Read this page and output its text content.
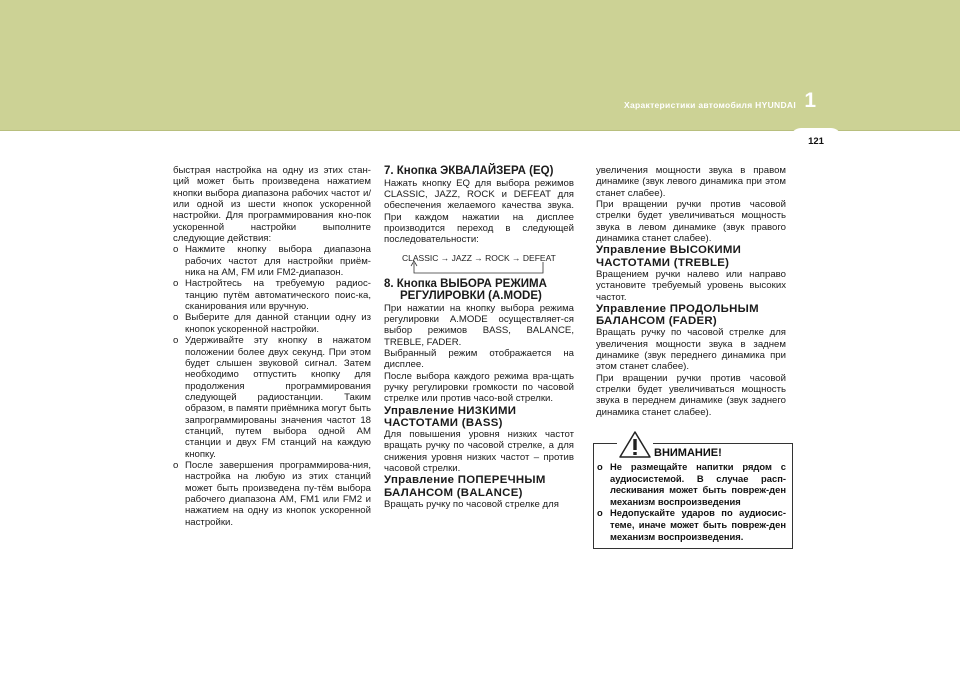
Характеристики автомобиля HYUNDAI 1
121

быстрая настройка на одну из этих стан-ций может быть произведена нажатием кнопки выбора диапазона рабочих частот и/или одной из шести кнопок ускоренной настройки. Для программирования кно-пок ускоренной настройки выполните следующие действия:

o Нажмите кнопку выбора диапазона рабочих частот для настройки приём-ника на AM, FM или FM2-диапазон.
o Настройтесь на требуемую радиос-танцию путём автоматического поис-ка, сканирования или вручную.
o Выберите для данной станции одну из кнопок ускоренной настройки.
o Удерживайте эту кнопку в нажатом положении более двух секунд. При этом будет слышен звуковой сигнал. Затем необходимо отпустить кнопку для продолжения программирования следующей радиостанции. Таким образом, в памяти приёмника могут быть запрограммированы значения частот 18 станций, путем выбора одной AM станции и двух FM станций на каждую кнопку.
o После завершения программирова-ния, настройка на любую из этих станций может быть произведена пу-тём выбора рабочего диапазона AM, FM1 или FM2 и нажатием на одну из кнопок ускоренной настройки.

7. Кнопка ЭКВАЛАЙЗЕРА (EQ)

Нажать кнопку EQ для выбора режимов CLASSIC, JAZZ, ROCK и DEFEAT для обеспечения желаемого качества звука. При каждом нажатии на дисплее производится переход в следующей последовательности:

CLASSIC → JAZZ → ROCK → DEFEAT

8. Кнопка ВЫБОРА РЕЖИМА

РЕГУЛИРОВКИ (A.MODE)

При нажатии на кнопку выбора режима регулировки A.MODE осуществляет-ся выбор режимов BASS, BALANCE, TREBLE, FADER.

Выбранный режим отображается на дисплее.

После выбора каждого режима вра-щать ручку регулировки громкости по часовой стрелке или против часо-вой стрелки.

Управление НИЗКИМИ

ЧАСТОТАМИ (BASS)

Для повышения уровня низких частот вращать ручку по часовой стрелке, а для снижения уровня низких частот – против часовой стрелки.

Управление ПОПЕРЕЧНЫМ

БАЛАНСОМ (BALANCE)

Вращать ручку по часовой стрелке для

увеличения мощности звука в правом динамике (звук левого динамика при этом станет слабее).

При вращении ручки против часовой стрелки будет увеличиваться мощность звука в левом динамике (звук правого динамика станет слабее).

Управление ВЫСОКИМИ

ЧАСТОТАМИ (TREBLE)

Вращением ручки налево или направо установите требуемый уровень высоких частот.

Управление ПРОДОЛЬНЫМ

БАЛАНСОМ (FADER)

Вращать ручку по часовой стрелке для увеличения мощности звука в заднем динамике (звук переднего динамика при этом станет слабее).

При вращении ручки против часовой стрелки будет увеличиваться мощность звука в переднем динамике (звук заднего динамика станет слабее).

ВНИМАНИЕ!
o Не размещайте напитки рядом с аудиосистемой. В случае расп-лескивания может быть повреж-ден механизм воспроизведения
o Недопускайте ударов по аудиосис-теме, иначе может быть повреж-ден механизм воспроизведения.
